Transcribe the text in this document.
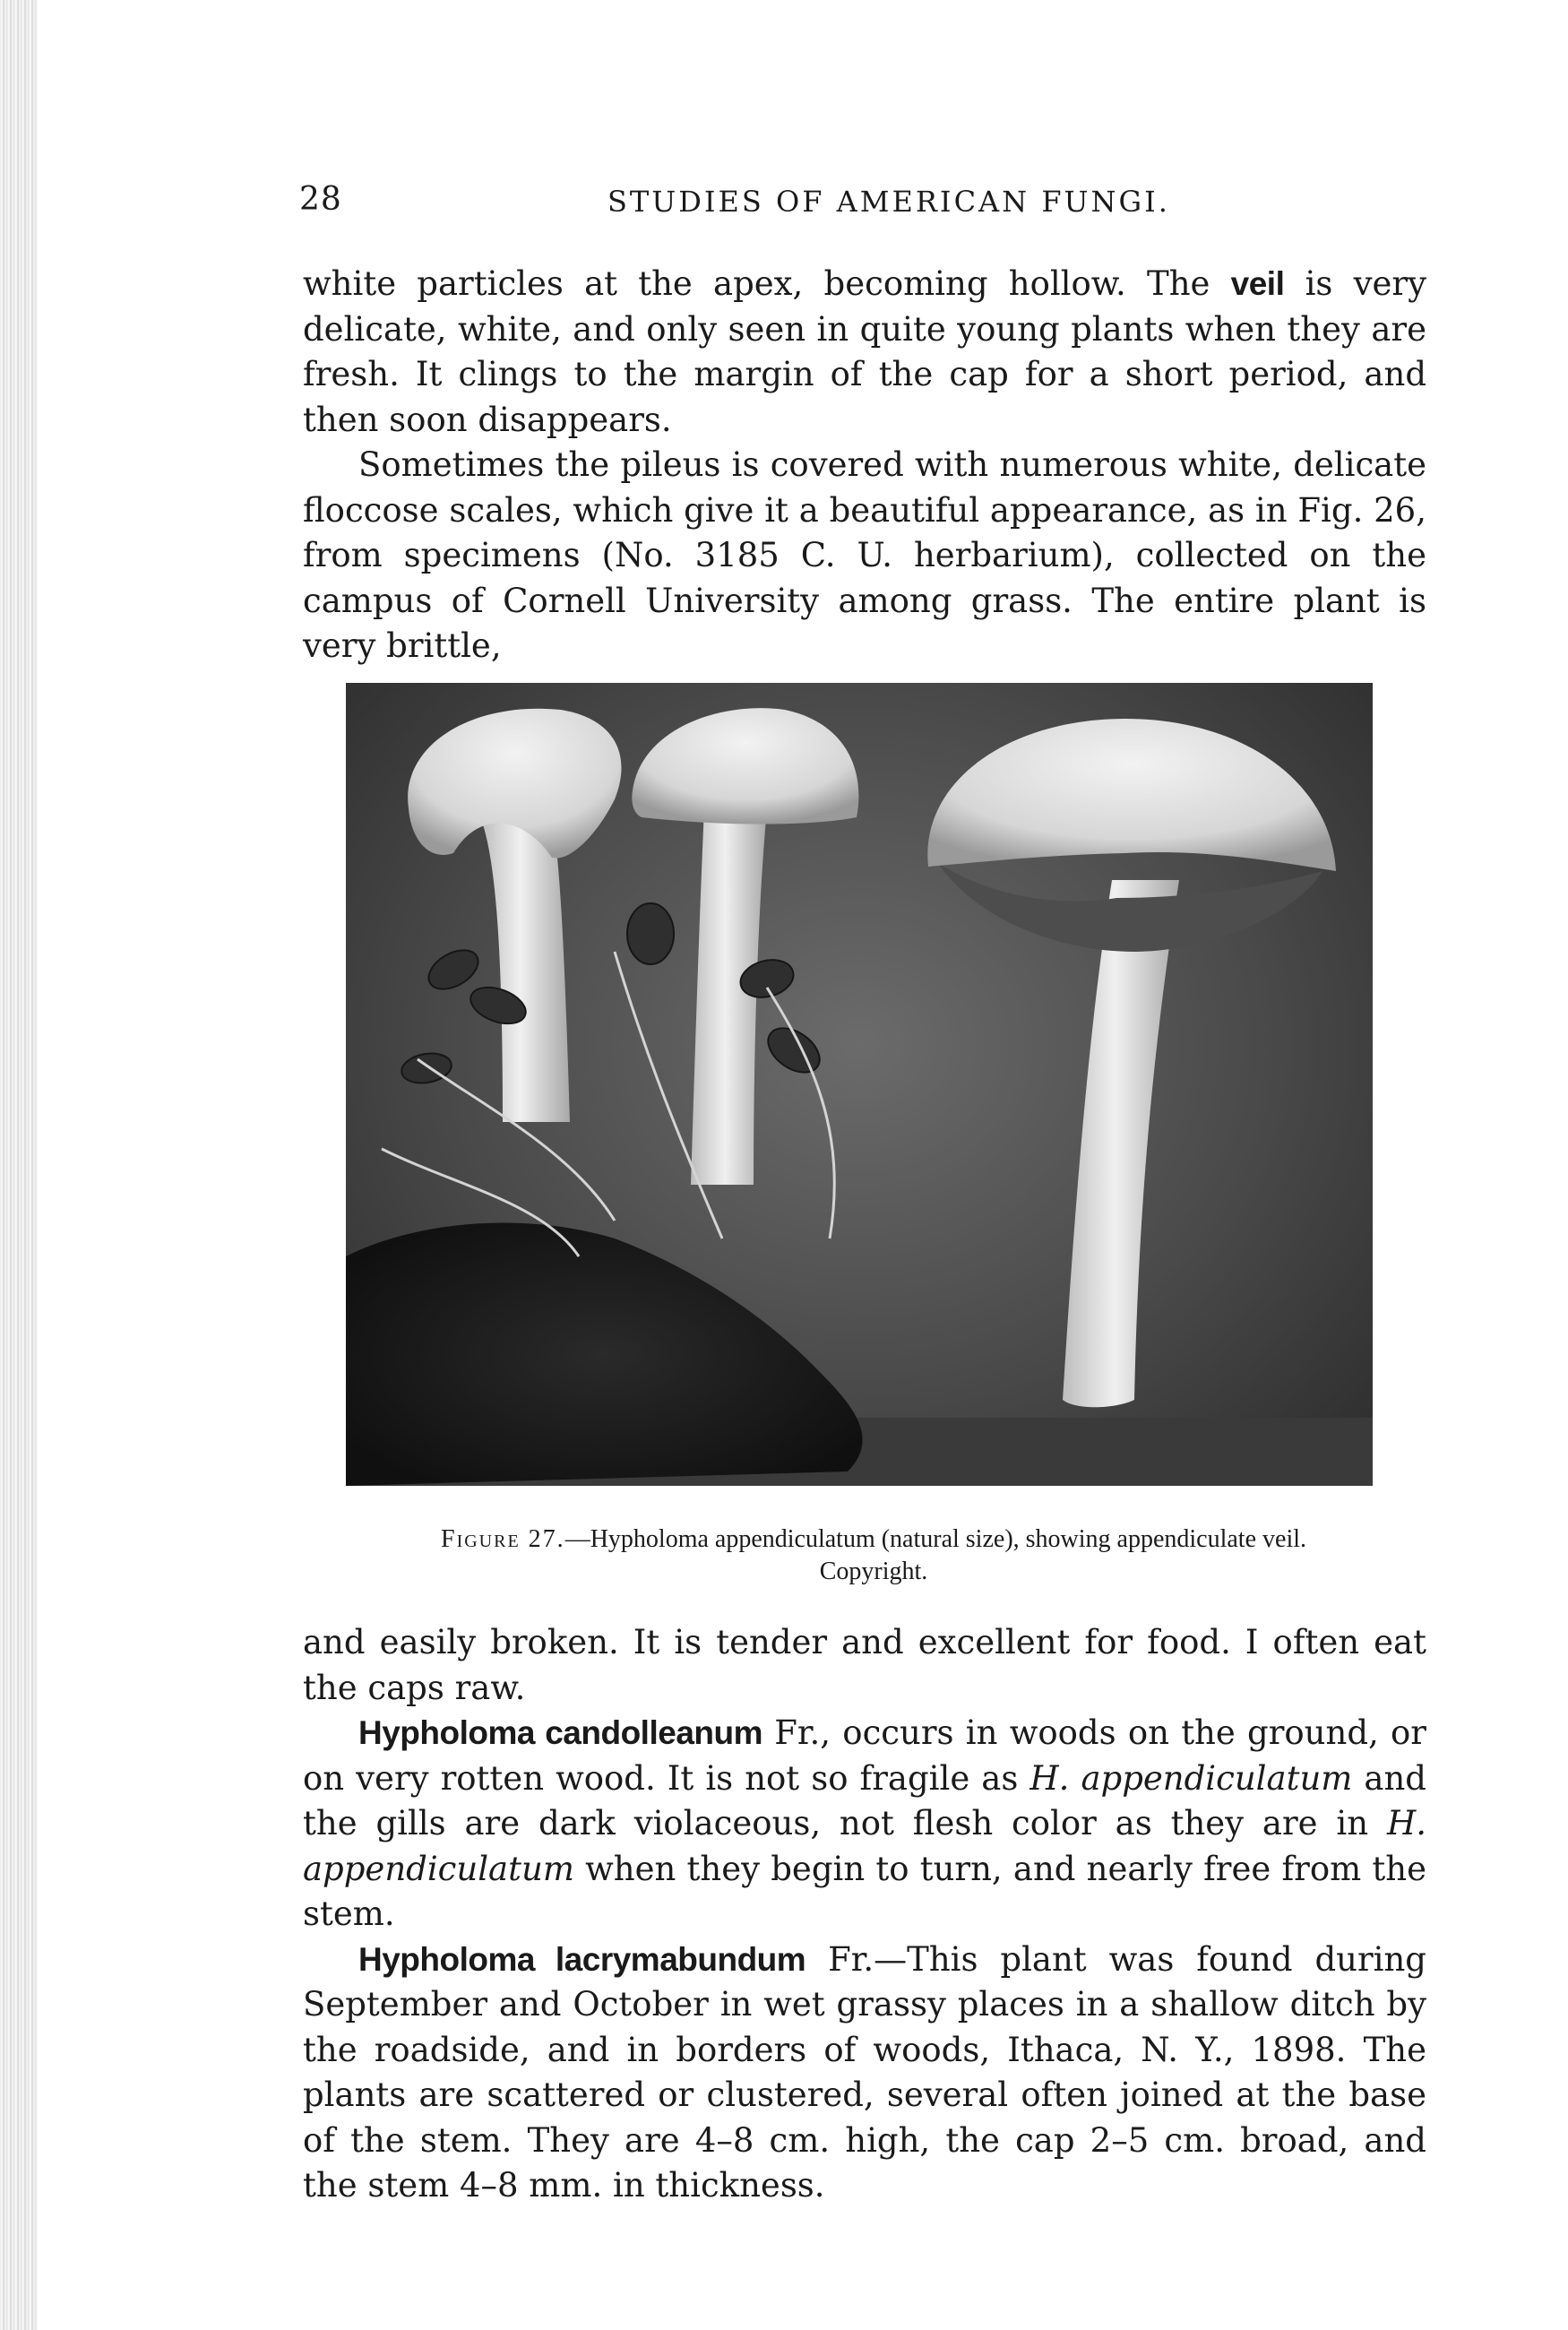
28	STUDIES OF AMERICAN FUNGI.

white particles at the apex, becoming hollow. The veil is very delicate, white, and only seen in quite young plants when they are fresh. It clings to the margin of the cap for a short period, and then soon disappears.

Sometimes the pileus is covered with numerous white, delicate floccose scales, which give it a beautiful appearance, as in Fig. 26, from specimens (No. 3185 C. U. herbarium), collected on the campus of Cornell University among grass. The entire plant is very brittle,

Figure 27.—Hypholoma appendiculatum (natural size), showing appendiculate veil. Copyright.

and easily broken. It is tender and excellent for food. I often eat the caps raw.

Hypholoma candolleanum Fr., occurs in woods on the ground, or on very rotten wood. It is not so fragile as H. appendiculatum and the gills are dark violaceous, not flesh color as they are in H. appendiculatum when they begin to turn, and nearly free from the stem.

Hypholoma lacrymabundum Fr.—This plant was found during September and October in wet grassy places in a shallow ditch by the roadside, and in borders of woods, Ithaca, N. Y., 1898. The plants are scattered or clustered, several often joined at the base of the stem. They are 4–8 cm. high, the cap 2–5 cm. broad, and the stem 4–8 mm. in thickness.
